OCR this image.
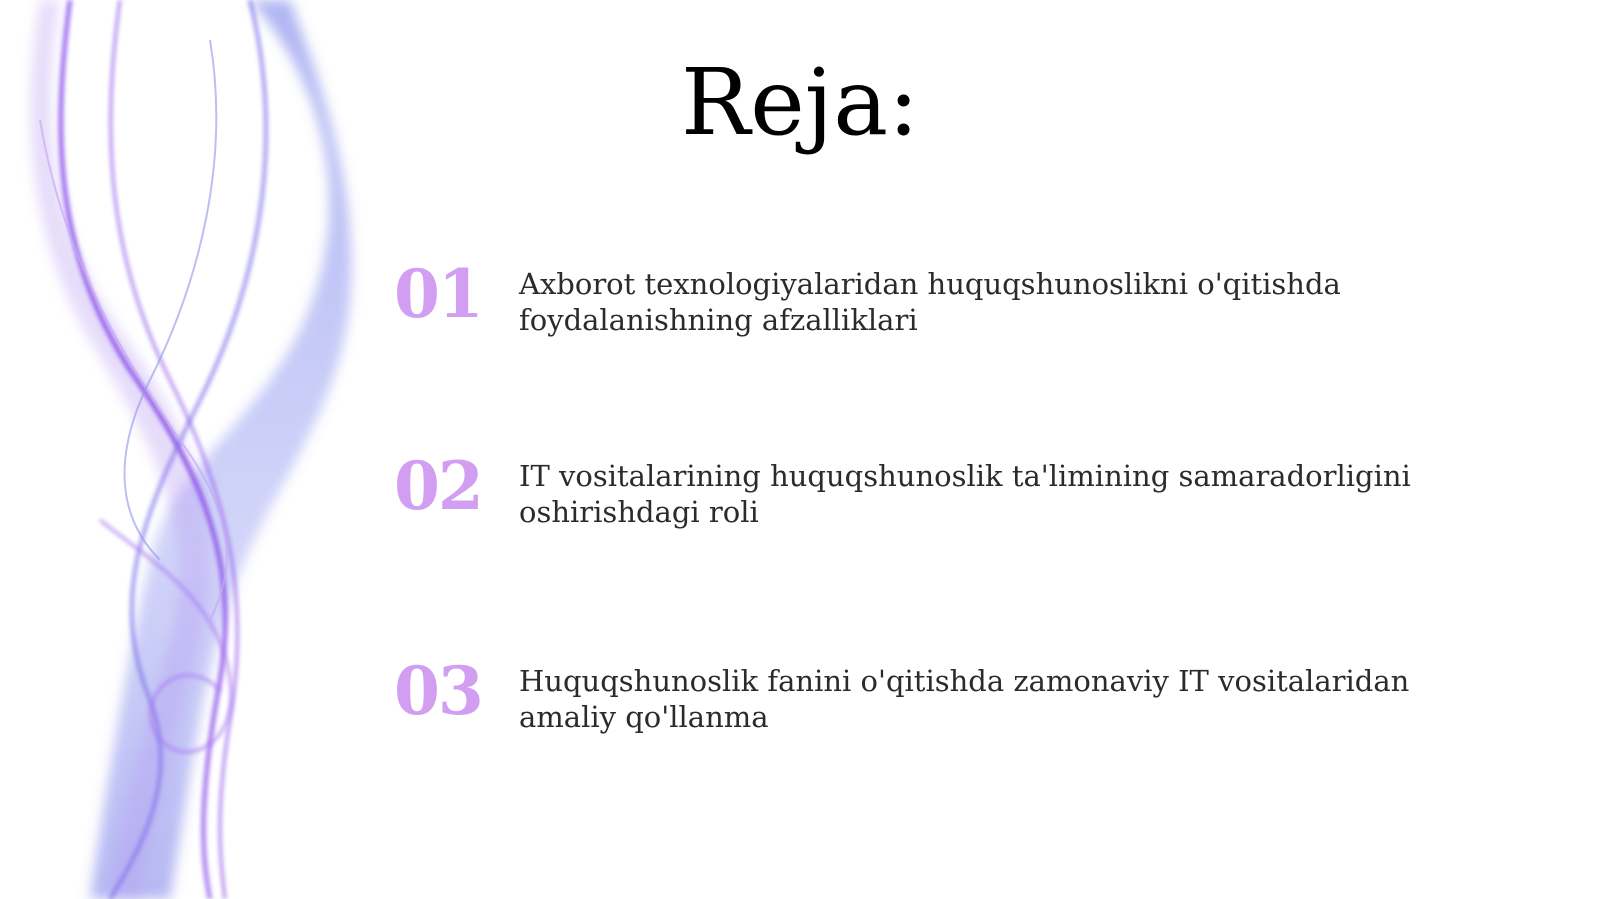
Reja:
01	Axborot texnologiyalaridan huquqshunoslikni o'qitishda foydalanishning afzalliklari
02	IT vositalarining huquqshunoslik ta'limining samaradorligini oshirishdagi roli
03	Huquqshunoslik fanini o'qitishda zamonaviy IT vositalaridan amaliy qo'llanma
